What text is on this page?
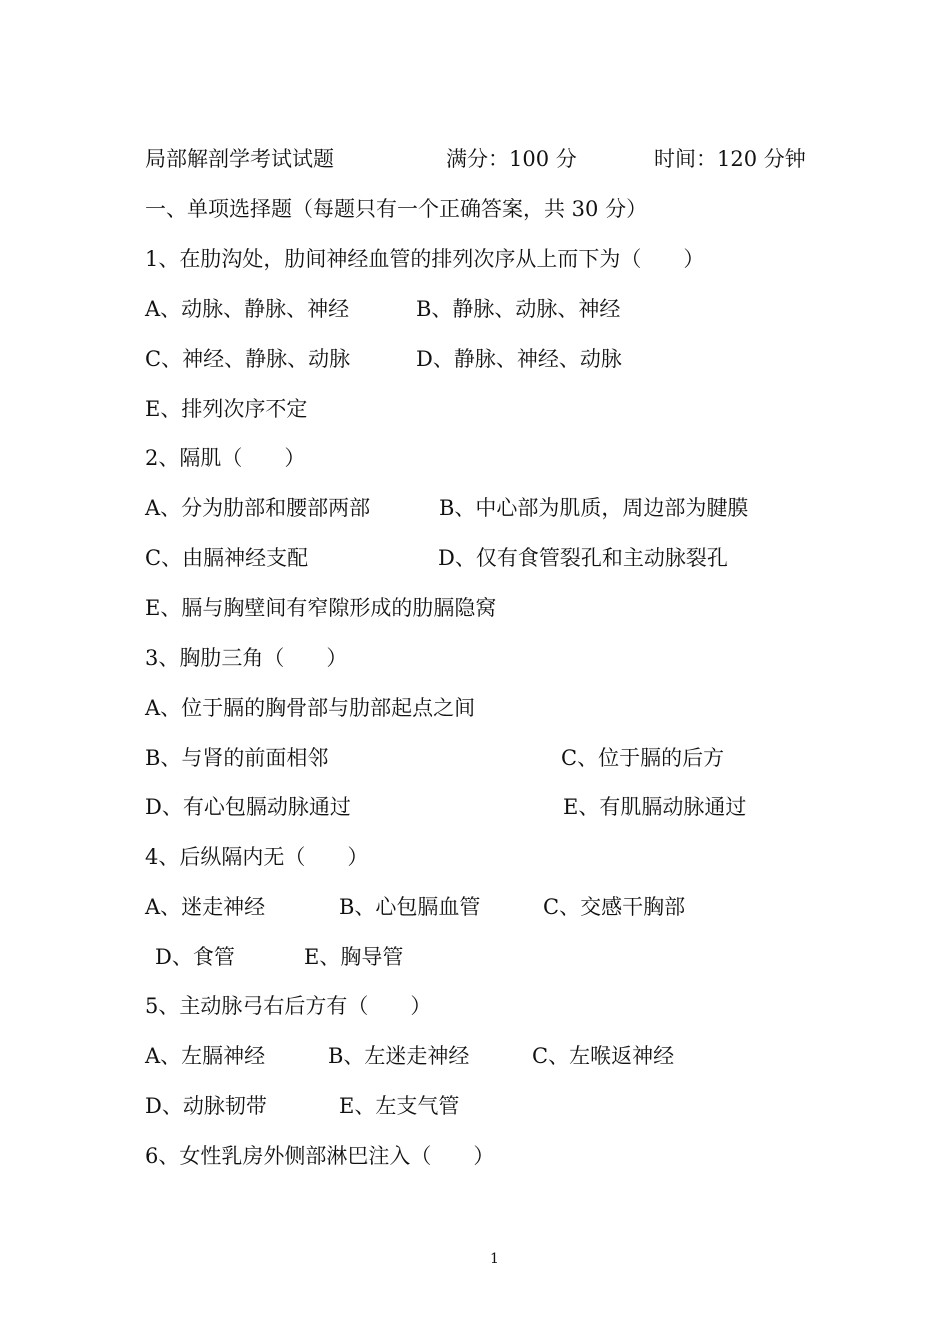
局部解剖学考试试题	满分：100 分	时间：120 分钟
一、单项选择题（每题只有一个正确答案，共 30 分）
1、在肋沟处，肋间神经血管的排列次序从上而下为（　　）
A、动脉、静脉、神经	B、静脉、动脉、神经
C、神经、静脉、动脉	D、静脉、神经、动脉
E、排列次序不定
2、隔肌（　　）
A、分为肋部和腰部两部	B、中心部为肌质，周边部为腱膜
C、由膈神经支配	D、仅有食管裂孔和主动脉裂孔
E、膈与胸壁间有窄隙形成的肋膈隐窝
3、胸肋三角（　　）
A、位于膈的胸骨部与肋部起点之间
B、与肾的前面相邻	C、位于膈的后方
D、有心包膈动脉通过	E、有肌膈动脉通过
4、后纵隔内无（　　）
A、迷走神经	B、心包膈血管	C、交感干胸部
D、食管	E、胸导管
5、主动脉弓右后方有（　　）
A、左膈神经	B、左迷走神经	C、左喉返神经
D、动脉韧带	E、左支气管
6、女性乳房外侧部淋巴注入（　　）
1
